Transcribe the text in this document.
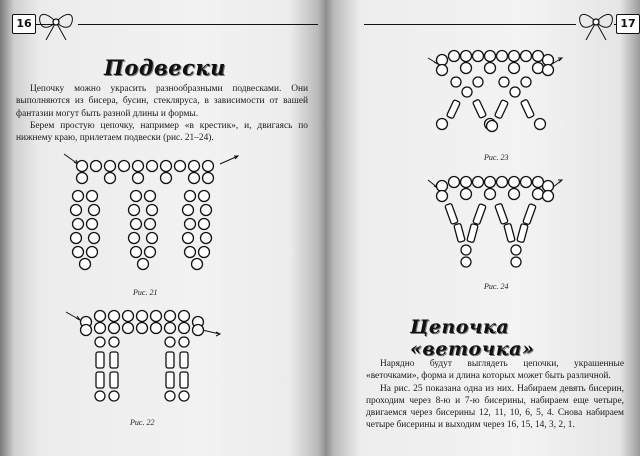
16
Подвески

Цепочку можно украсить разнообразными подвесками. Они выполняются из бисера, бусин, стекляруса, в зависимости от вашей фантазии могут быть разной длины и формы.

Берем простую цепочку, например «в крестик», и, двигаясь по нижнему краю, прилетаем подвески (рис. 21–24).

Рис. 21
Рис. 22
17
Рис. 23
Рис. 24
Цепочка «веточка»

Нарядно будут выглядеть цепочки, украшенные «веточками», форма и длина которых может быть различной.

На рис. 25 показана одна из них. Набираем девять бисерин, проходим через 8-ю и 7-ю бисерины, набираем еще четыре, двигаемся через бисерины 12, 11, 10, 6, 5, 4. Снова набираем четыре бисерины и выходим через 16, 15, 14, 3, 2, 1.
